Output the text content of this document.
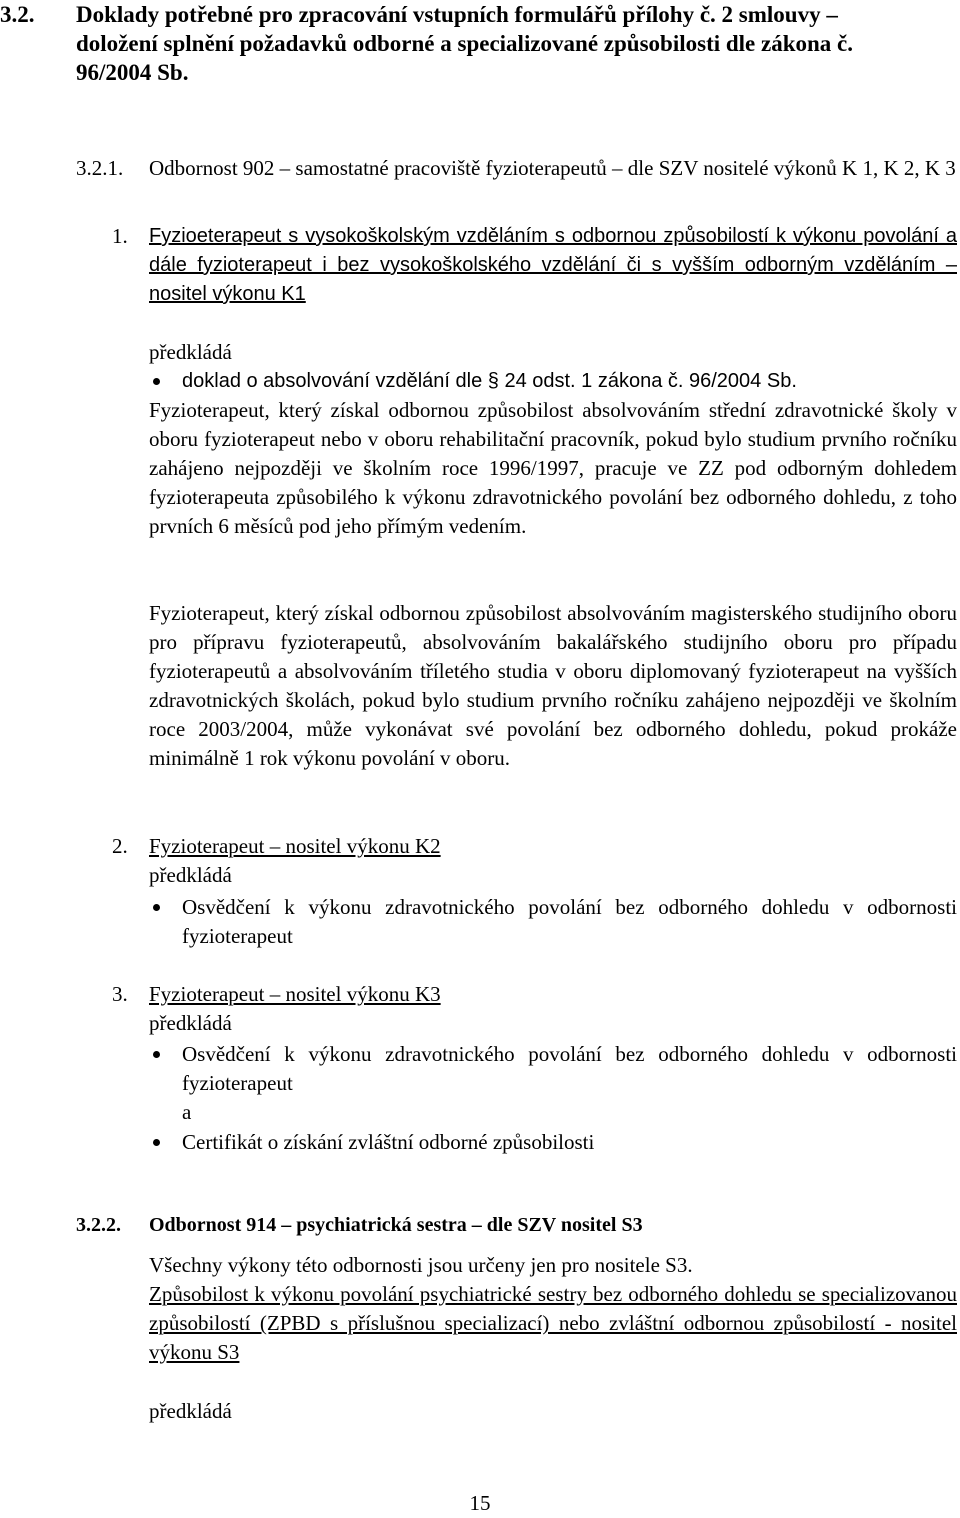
3.2. Doklady potřebné pro zpracování vstupních formulářů přílohy č. 2 smlouvy – doložení splnění požadavků odborné a specializované způsobilosti dle zákona č. 96/2004 Sb.
3.2.1. Odbornost 902 – samostatné pracoviště fyzioterapeutů – dle SZV nositelé výkonů K 1, K 2, K 3
1. Fyzioeterapeut s vysokoškolským vzděláním s odbornou způsobilostí k výkonu povolání a dále fyzioterapeut i bez vysokoškolského vzdělání či s vyšším odborným vzděláním – nositel výkonu K1
předkládá
doklad o absolvování vzdělání dle § 24 odst. 1 zákona č. 96/2004 Sb.
Fyzioterapeut, který získal odbornou způsobilost absolvováním střední zdravotnické školy v oboru fyzioterapeut nebo v oboru rehabilitační pracovník, pokud bylo studium prvního ročníku zahájeno nejpozději ve školním roce 1996/1997, pracuje ve ZZ pod odborným dohledem fyzioterapeuta způsobilého k výkonu zdravotnického povolání bez odborného dohledu, z toho prvních 6 měsíců pod jeho přímým vedením.
Fyzioterapeut, který získal odbornou způsobilost absolvováním magisterského studijního oboru pro přípravu fyzioterapeutů, absolvováním bakalářského studijního oboru pro případu fyzioterapeutů a absolvováním tříletého studia v oboru diplomovaný fyzioterapeut na vyšších zdravotnických školách, pokud bylo studium prvního ročníku zahájeno nejpozději ve školním roce 2003/2004, může vykonávat své povolání bez odborného dohledu, pokud prokáže minimálně 1 rok výkonu povolání v oboru.
2. Fyzioterapeut – nositel výkonu K2
předkládá
Osvědčení k výkonu zdravotnického povolání bez odborného dohledu v odbornosti fyzioterapeut
3. Fyzioterapeut – nositel výkonu K3
předkládá
Osvědčení k výkonu zdravotnického povolání bez odborného dohledu v odbornosti fyzioterapeut
a
Certifikát o získání zvláštní odborné způsobilosti
3.2.2. Odbornost 914 – psychiatrická sestra – dle SZV nositel S3
Všechny výkony této odbornosti jsou určeny jen pro nositele S3.
Způsobilost k výkonu povolání psychiatrické sestry bez odborného dohledu se specializovanou způsobilostí (ZPBD s příslušnou specializací) nebo zvláštní odbornou způsobilostí - nositel výkonu S3
předkládá
15
